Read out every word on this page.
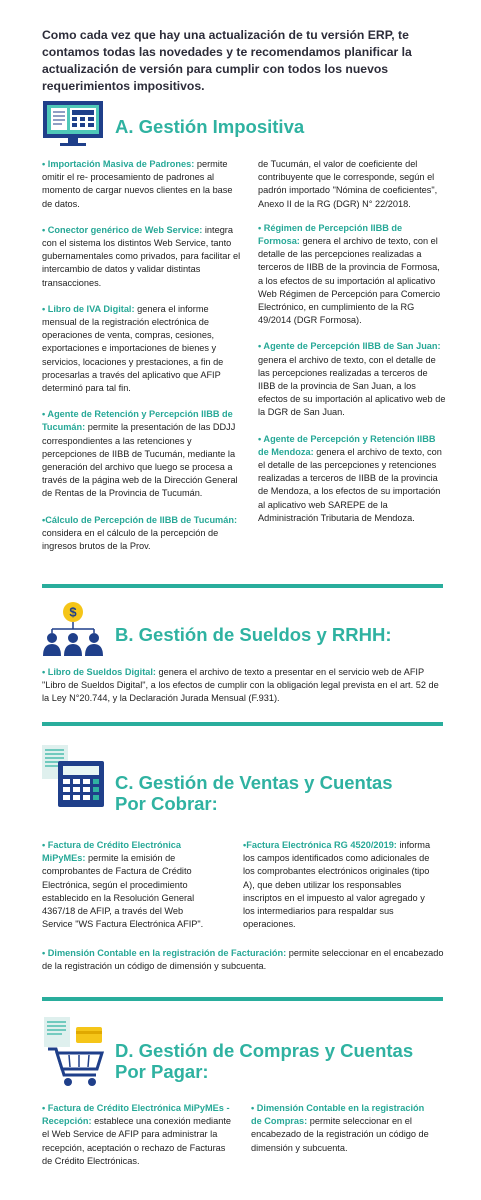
Como cada vez que hay una actualización de tu versión ERP, te contamos todas las novedades y te recomendamos planificar la actualización de versión para cumplir con todos los nuevos requerimientos impositivos.
A. Gestión Impositiva

• Importación Masiva de Padrones: permite omitir el re- procesamiento de padrones al momento de cargar nuevos clientes en la base de datos.

• Conector genérico de Web Service: integra con el sistema los distintos Web Service, tanto gubernamentales como privados, para facilitar el intercambio de datos y validar distintas transacciones.

• Libro de IVA Digital: genera el informe mensual de la registración electrónica de operaciones de venta, compras, cesiones, exportaciones e importaciones de bienes y servicios, locaciones y prestaciones, a fin de procesarlas a través del aplicativo que AFIP determinó para tal fin.

• Agente de Retención y Percepción IIBB de Tucumán: permite la presentación de las DDJJ correspondientes a las retenciones y percepciones de IIBB de Tucumán, mediante la generación del archivo que luego se procesa a través de la página web de la Dirección General de Rentas de la Provincia de Tucumán.

•Cálculo de Percepción de IIBB de Tucumán: considera en el cálculo de la percepción de ingresos brutos de la Prov.

de Tucumán, el valor de coeficiente del contribuyente que le corresponde, según el padrón importado "Nómina de coeficientes", Anexo II de la RG (DGR) N° 22/2018.

• Régimen de Percepción IIBB de Formosa: genera el archivo de texto, con el detalle de las percepciones realizadas a terceros de IIBB de la provincia de Formosa, a los efectos de su importación al aplicativo Web Régimen de Percepción para Comercio Electrónico, en cumplimiento de la RG 49/2014 (DGR Formosa).

• Agente de Percepción IIBB de San Juan: genera el archivo de texto, con el detalle de las percepciones realizadas a terceros de IIBB de la provincia de San Juan, a los efectos de su importación al aplicativo web de la DGR de San Juan.

• Agente de Percepción y Retención IIBB de Mendoza: genera el archivo de texto, con el detalle de las percepciones y retenciones realizadas a terceros de IIBB de la provincia de Mendoza, a los efectos de su importación al aplicativo web SAREPE de la Administración Tributaria de Mendoza.

$
B. Gestión de Sueldos y RRHH:

• Libro de Sueldos Digital: genera el archivo de texto a presentar en el servicio web de AFIP "Libro de Sueldos Digital", a los efectos de cumplir con la obligación legal prevista en el art. 52 de la Ley N°20.744, y la Declaración Jurada Mensual (F.931).

C. Gestión de Ventas y Cuentas
Por Cobrar:

• Factura de Crédito Electrónica MiPyMEs: permite la emisión de comprobantes de Factura de Crédito Electrónica, según el procedimiento establecido en la Resolución General 4367/18 de AFIP, a través del Web Service "WS Factura Electrónica AFIP".

•Factura Electrónica RG 4520/2019: informa los campos identificados como adicionales de los comprobantes electrónicos originales (tipo A), que deben utilizar los responsables inscriptos en el impuesto al valor agregado y los intermediarios para respaldar sus operaciones.

• Dimensión Contable en la registración de Facturación: permite seleccionar en el encabezado de la registración un código de dimensión y subcuenta.

D. Gestión de Compras y Cuentas
Por Pagar:

• Factura de Crédito Electrónica MiPyMEs - Recepción: establece una conexión mediante el Web Service de AFIP para administrar la recepción, aceptación o rechazo de Facturas de Crédito Electrónicas.

• Dimensión Contable en la registración de Compras: permite seleccionar en el encabezado de la registración un código de dimensión y subcuenta.
